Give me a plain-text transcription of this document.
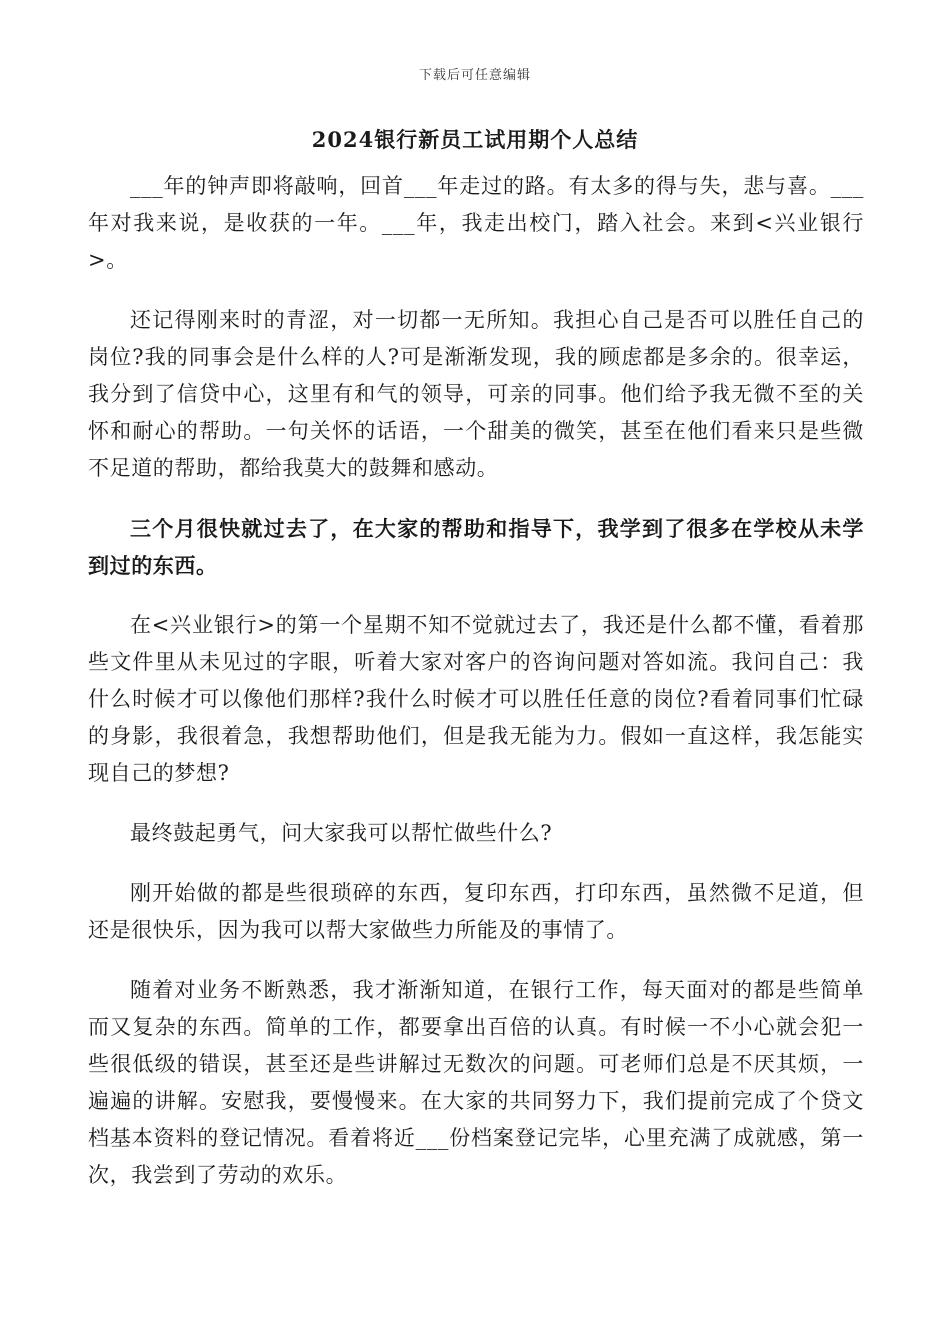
下载后可任意编辑
2024银行新员工试用期个人总结

___年的钟声即将敲响，回首___年走过的路。有太多的得与失，悲与喜。___年对我来说，是收获的一年。___年，我走出校门，踏入社会。来到<兴业银行>。

还记得刚来时的青涩，对一切都一无所知。我担心自己是否可以胜任自己的岗位?我的同事会是什么样的人?可是渐渐发现，我的顾虑都是多余的。很幸运，我分到了信贷中心，这里有和气的领导，可亲的同事。他们给予我无微不至的关怀和耐心的帮助。一句关怀的话语，一个甜美的微笑，甚至在他们看来只是些微不足道的帮助，都给我莫大的鼓舞和感动。

三个月很快就过去了，在大家的帮助和指导下，我学到了很多在学校从未学到过的东西。

在<兴业银行>的第一个星期不知不觉就过去了，我还是什么都不懂，看着那些文件里从未见过的字眼，听着大家对客户的咨询问题对答如流。我问自己：我什么时候才可以像他们那样?我什么时候才可以胜任任意的岗位?看着同事们忙碌的身影，我很着急，我想帮助他们，但是我无能为力。假如一直这样，我怎能实现自己的梦想?

最终鼓起勇气，问大家我可以帮忙做些什么?

刚开始做的都是些很琐碎的东西，复印东西，打印东西，虽然微不足道，但还是很快乐，因为我可以帮大家做些力所能及的事情了。

随着对业务不断熟悉，我才渐渐知道，在银行工作，每天面对的都是些简单而又复杂的东西。简单的工作，都要拿出百倍的认真。有时候一不小心就会犯一些很低级的错误，甚至还是些讲解过无数次的问题。可老师们总是不厌其烦，一遍遍的讲解。安慰我，要慢慢来。在大家的共同努力下，我们提前完成了个贷文档基本资料的登记情况。看着将近___份档案登记完毕，心里充满了成就感，第一次，我尝到了劳动的欢乐。
